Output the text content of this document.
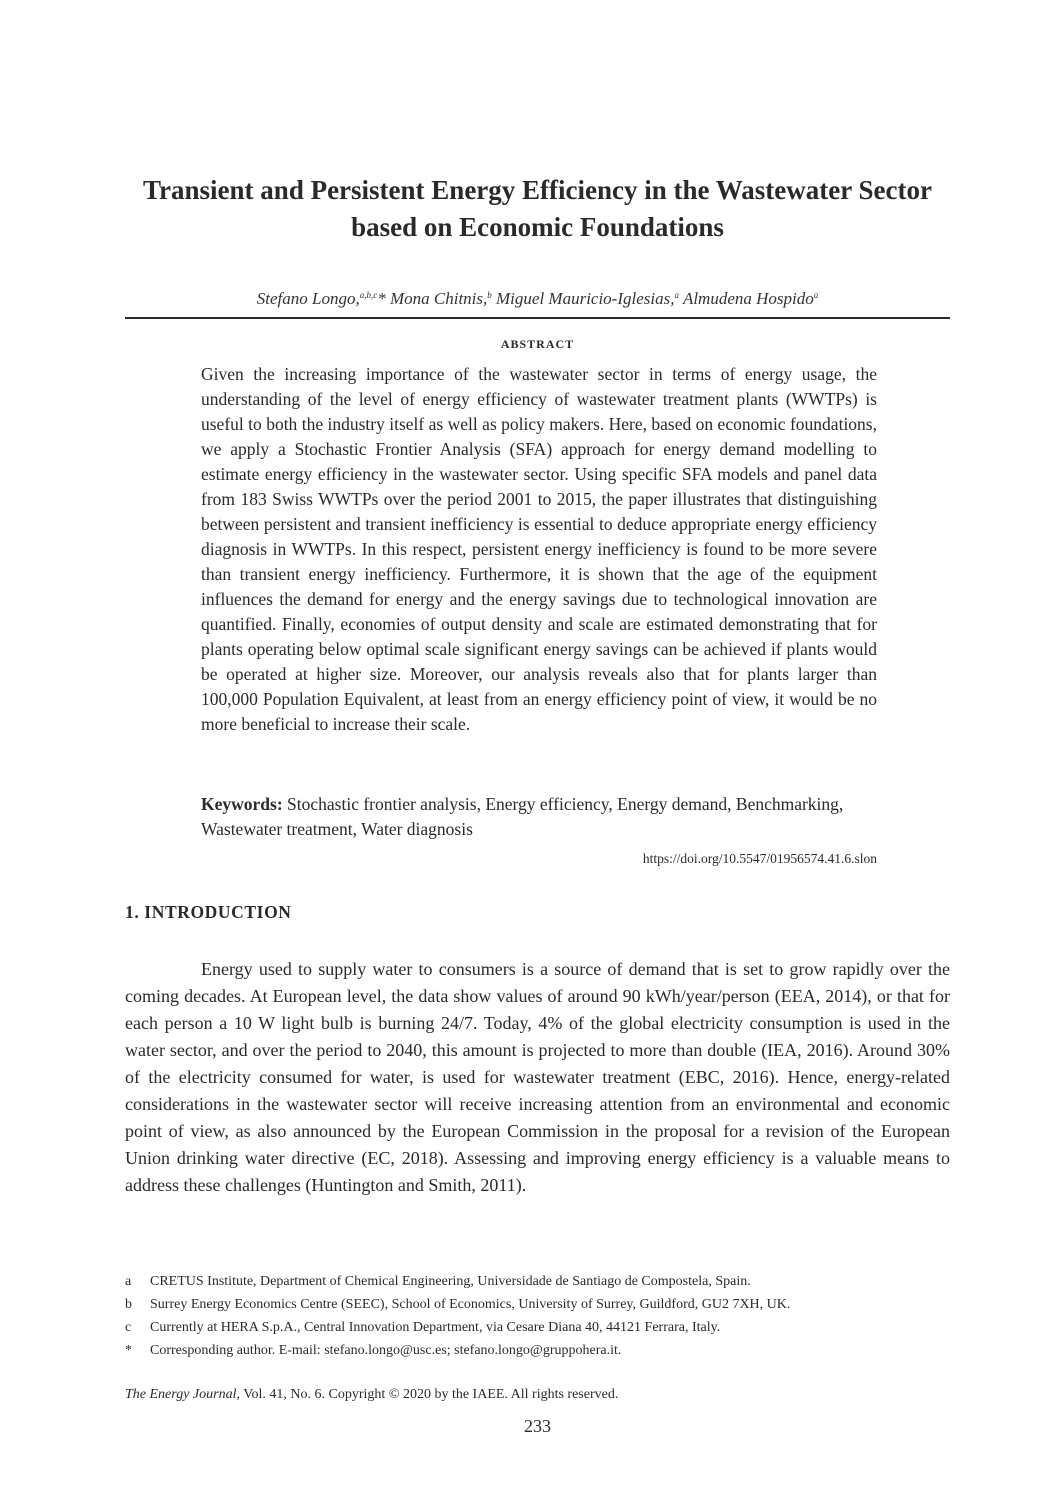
Transient and Persistent Energy Efficiency in the Wastewater Sector based on Economic Foundations
Stefano Longo,$^{a,b,c}$* Mona Chitnis,$^b$ Miguel Mauricio-Iglesias,$^a$ Almudena Hospido$^a$
ABSTRACT
Given the increasing importance of the wastewater sector in terms of energy usage, the understanding of the level of energy efficiency of wastewater treatment plants (WWTPs) is useful to both the industry itself as well as policy makers. Here, based on economic foundations, we apply a Stochastic Frontier Analysis (SFA) approach for energy demand modelling to estimate energy efficiency in the wastewater sector. Using specific SFA models and panel data from 183 Swiss WWTPs over the period 2001 to 2015, the paper illustrates that distinguishing between persistent and transient inefficiency is essential to deduce appropriate energy efficiency diagnosis in WWTPs. In this respect, persistent energy inefficiency is found to be more severe than transient energy inefficiency. Furthermore, it is shown that the age of the equipment influences the demand for energy and the energy savings due to technological innovation are quantified. Finally, economies of output density and scale are estimated demonstrating that for plants operating below optimal scale significant energy savings can be achieved if plants would be operated at higher size. Moreover, our analysis reveals also that for plants larger than 100,000 Population Equivalent, at least from an energy efficiency point of view, it would be no more beneficial to increase their scale.
Keywords: Stochastic frontier analysis, Energy efficiency, Energy demand, Benchmarking, Wastewater treatment, Water diagnosis
https://doi.org/10.5547/01956574.41.6.slon
1. INTRODUCTION
Energy used to supply water to consumers is a source of demand that is set to grow rapidly over the coming decades. At European level, the data show values of around 90 kWh/year/person (EEA, 2014), or that for each person a 10 W light bulb is burning 24/7. Today, 4% of the global electricity consumption is used in the water sector, and over the period to 2040, this amount is projected to more than double (IEA, 2016). Around 30% of the electricity consumed for water, is used for wastewater treatment (EBC, 2016). Hence, energy-related considerations in the wastewater sector will receive increasing attention from an environmental and economic point of view, as also announced by the European Commission in the proposal for a revision of the European Union drinking water directive (EC, 2018). Assessing and improving energy efficiency is a valuable means to address these challenges (Huntington and Smith, 2011).
a	CRETUS Institute, Department of Chemical Engineering, Universidade de Santiago de Compostela, Spain.
b	Surrey Energy Economics Centre (SEEC), School of Economics, University of Surrey, Guildford, GU2 7XH, UK.
c	Currently at HERA S.p.A., Central Innovation Department, via Cesare Diana 40, 44121 Ferrara, Italy.
*	Corresponding author. E-mail: stefano.longo@usc.es; stefano.longo@gruppohera.it.
The Energy Journal, Vol. 41, No. 6. Copyright © 2020 by the IAEE. All rights reserved.
233
